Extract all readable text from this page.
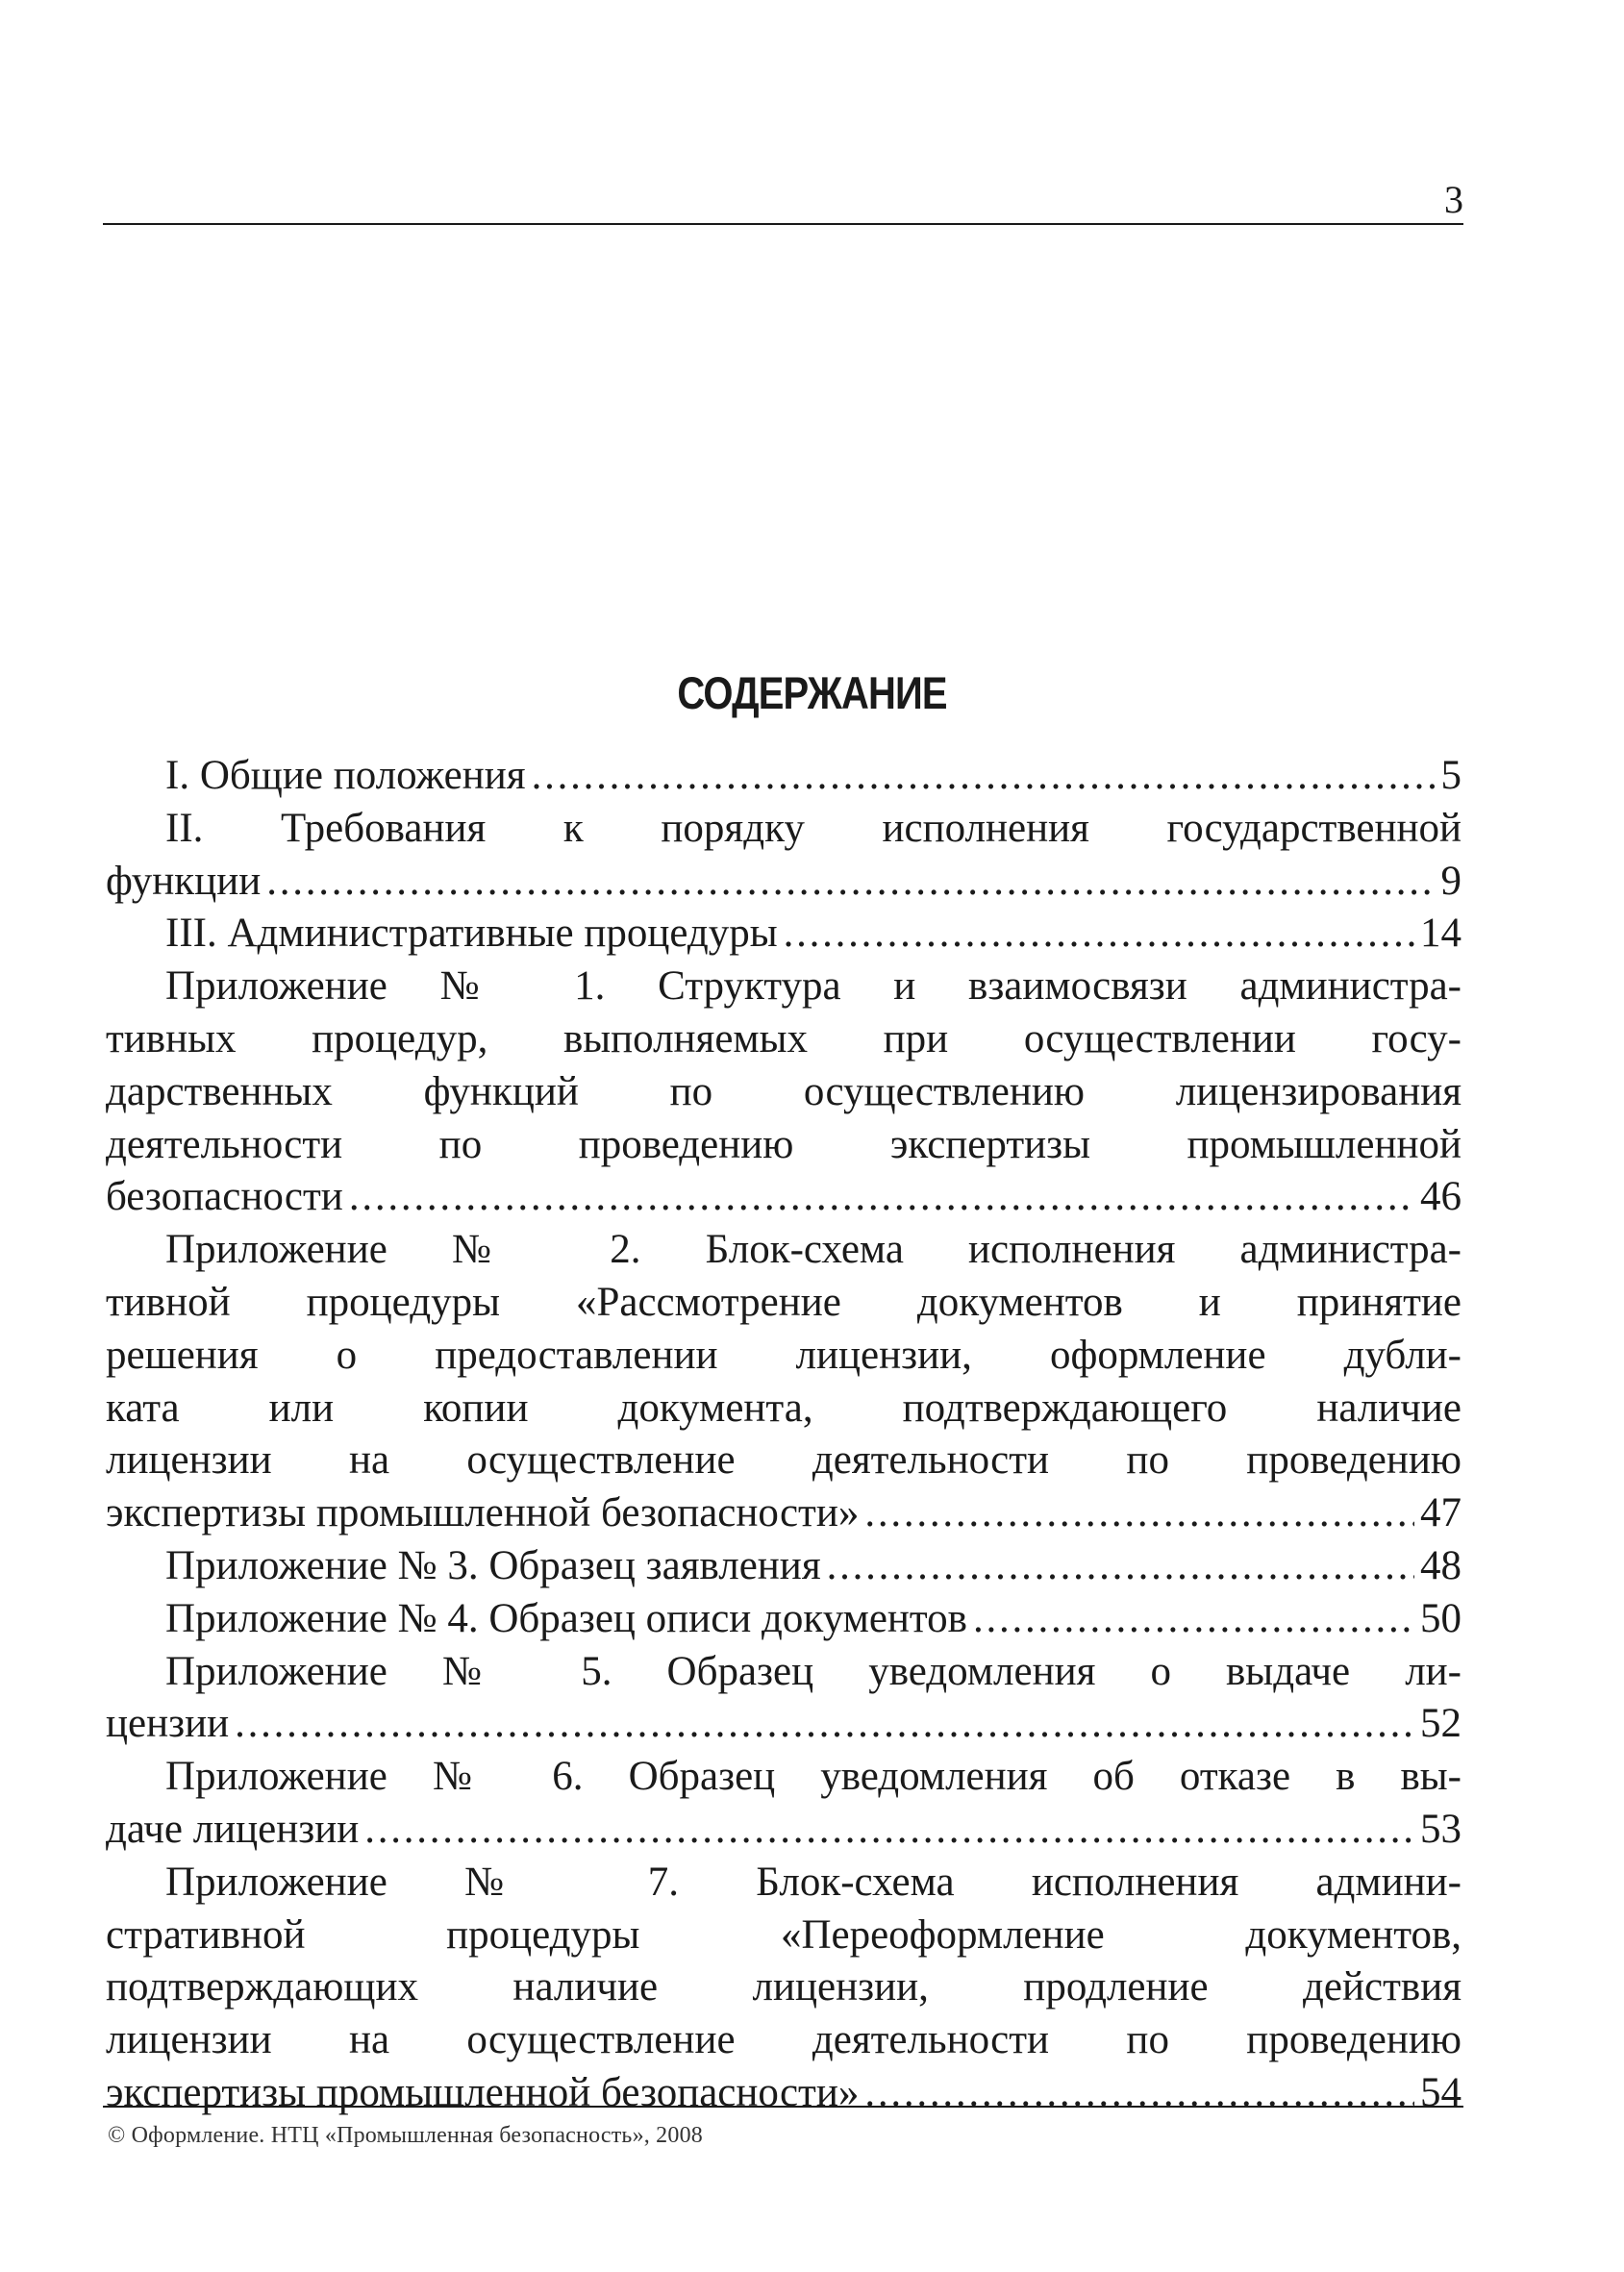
3
СОДЕРЖАНИЕ
I. Общие положения . . .	5
II. Требования к порядку исполнения государственной
функции . . .	9
III. Административные процедуры . . .	14
Приложение № 1. Структура и взаимосвязи администра-
тивных процедур, выполняемых при осуществлении госу-
дарственных функций по осуществлению лицензирования
деятельности по проведению экспертизы промышленной
безопасности . . .	46
Приложение № 2. Блок-схема исполнения администра-
тивной процедуры «Рассмотрение документов и принятие
решения о предоставлении лицензии, оформление дубли-
ката или копии документа, подтверждающего наличие
лицензии на осуществление деятельности по проведению
экспертизы промышленной безопасности» . . .	47
Приложение № 3. Образец заявления . . .	48
Приложение № 4. Образец описи документов . . .	50
Приложение № 5. Образец уведомления о выдаче ли-
цензии . . .	52
Приложение № 6. Образец уведомления об отказе в вы-
даче лицензии . . .	53
Приложение № 7. Блок-схема исполнения админи-
стративной процедуры «Переоформление документов,
подтверждающих наличие лицензии, продление действия
лицензии на осуществление деятельности по проведению
экспертизы промышленной безопасности» . . .	54
© Оформление. НТЦ «Промышленная безопасность», 2008
